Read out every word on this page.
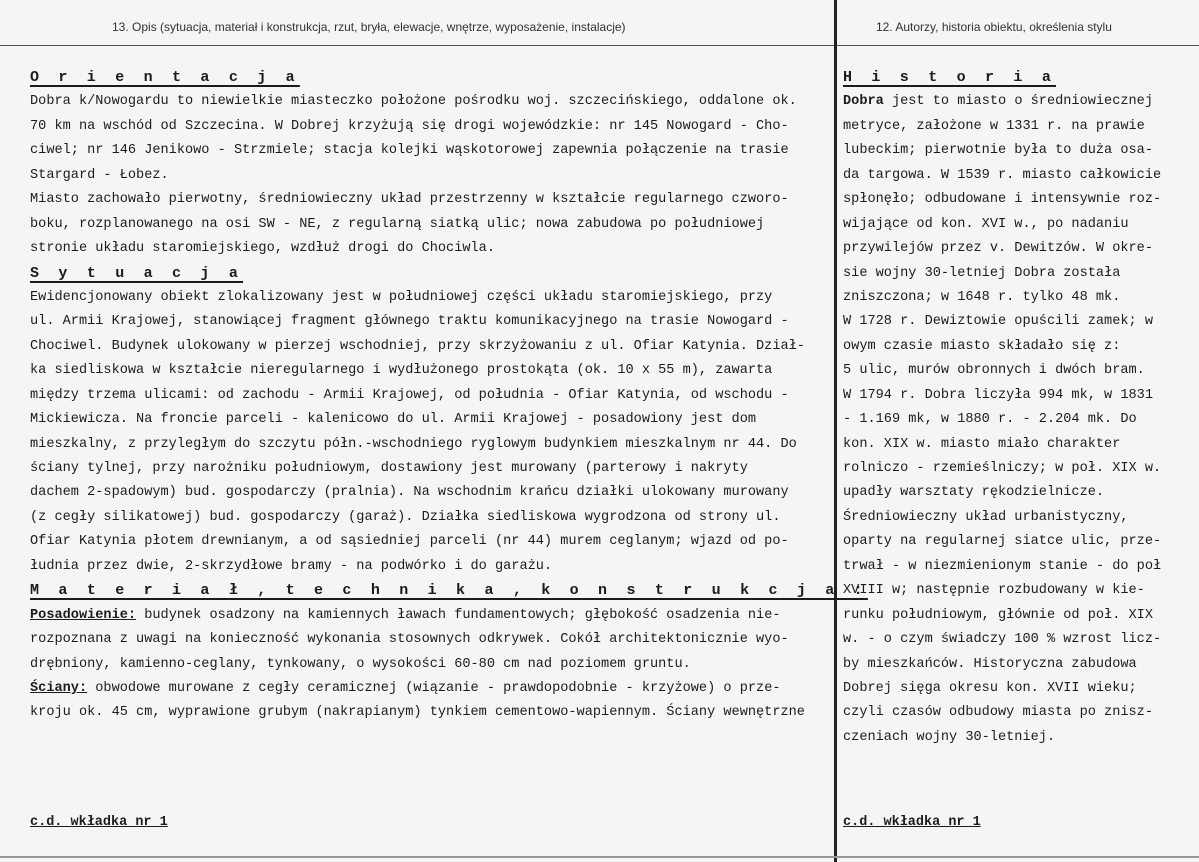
13. Opis (sytuacja, materiał i konstrukcja, rzut, bryła, elewacje, wnętrze, wyposażenie, instalacje)	12. Autorzy, historia obiektu, określenia stylu
O r i e n t a c j a
Dobra k/Nowogardu to niewielkie miasteczko położone pośrodku woj. szczecińskiego, oddalone ok.
70 km na wschód od Szczecina. W Dobrej krzyżują się drogi wojewódzkie: nr 145 Nowogard - Cho-
ciwel; nr 146 Jenikowo - Strzmiele; stacja kolejki wąskotorowej zapewnia połączenie na trasie
Stargard - Łobez.
Miasto zachowało pierwotny, średniowieczny układ przestrzenny w kształcie regularnego czworo-
boku, rozplanowanego na osi SW - NE, z regularną siatką ulic; nowa zabudowa po południowej
stronie układu staromiejskiego, wzdłuż drogi do Chociwla.
S y t u a c j a
Ewidencjonowany obiekt zlokalizowany jest w południowej części układu staromiejskiego, przy
ul. Armii Krajowej, stanowiącej fragment głównego traktu komunikacyjnego na trasie Nowogard -
Chociwel. Budynek ulokowany w pierzej wschodniej, przy skrzyżowaniu z ul. Ofiar Katynia. Dział-
ka siedliskowa w kształcie nieregularnego i wydłużonego prostokąta (ok. 10 x 55 m), zawarta
między trzema ulicami: od zachodu - Armii Krajowej, od południa - Ofiar Katynia, od wschodu -
Mickiewicza. Na froncie parceli - kalenicowo do ul. Armii Krajowej - posadowiony jest dom
mieszkalny, z przyległym do szczytu półn.-wschodniego ryglowym budynkiem mieszkalnym nr 44. Do
ściany tylnej, przy narożniku południowym, dostawiony jest murowany (parterowy i nakryty
dachem 2-spadowym) bud. gospodarczy (pralnia). Na wschodnim krańcu działki ulokowany murowany
(z cegły silikatowej) bud. gospodarczy (garaż). Działka siedliskowa wygrodzona od strony ul.
Ofiar Katynia płotem drewnianym, a od sąsiedniej parceli (nr 44) murem ceglanym; wjazd od po-
łudnia przez dwie, 2-skrzydłowe bramy - na podwórko i do garażu.
M a t e r i a ł , t e c h n i k a , k o n s t r u k c j a :
Posadowienie: budynek osadzony na kamiennych ławach fundamentowych; głębokość osadzenia nie-
rozpoznana z uwagi na konieczność wykonania stosownych odkrywek. Cokół architektonicznie wyo-
drębniony, kamienno-ceglany, tynkowany, o wysokości 60-80 cm nad poziomem gruntu.
Ściany: obwodowe murowane z cegły ceramicznej (wiązanie - prawdopodobnie - krzyżowe) o prze-
kroju ok. 45 cm, wyprawione grubym (nakrapianym) tynkiem cementowo-wapiennym. Ściany wewnętrzne
c.d. wkładka nr 1
H i s t o r i a
Dobra jest to miasto o średniowiecznej
metryce, założone w 1331 r. na prawie
lubeckim; pierwotnie była to duża osa-
da targowa. W 1539 r. miasto całkowicie
spłonęło; odbudowane i intensywnie roz-
wijające od kon. XVI w., po nadaniu
przywilejów przez v. Dewitzów. W okre-
sie wojny 30-letniej Dobra została
zniszczona; w 1648 r. tylko 48 mk.
W 1728 r. Dewiztowie opuścili zamek; w
owym czasie miasto składało się z:
5 ulic, murów obronnych i dwóch bram.
W 1794 r. Dobra liczyła 994 mk, w 1831
- 1.169 mk, w 1880 r. - 2.204 mk. Do
kon. XIX w. miasto miało charakter
rolniczo - rzemieślniczy; w poł. XIX w.
upadły warsztaty rękodzielnicze.
Średniowieczny układ urbanistyczny,
oparty na regularnej siatce ulic, prze-
trwał - w niezmienionym stanie - do poł
XVIII w; następnie rozbudowany w kie-
runku południowym, głównie od poł. XIX
w. - o czym świadczy 100 % wzrost licz-
by mieszkańców. Historyczna zabudowa
Dobrej sięga okresu kon. XVII wieku;
czyli czasów odbudowy miasta po znisz-
czeniach wojny 30-letniej.
c.d. wkładka nr 1
